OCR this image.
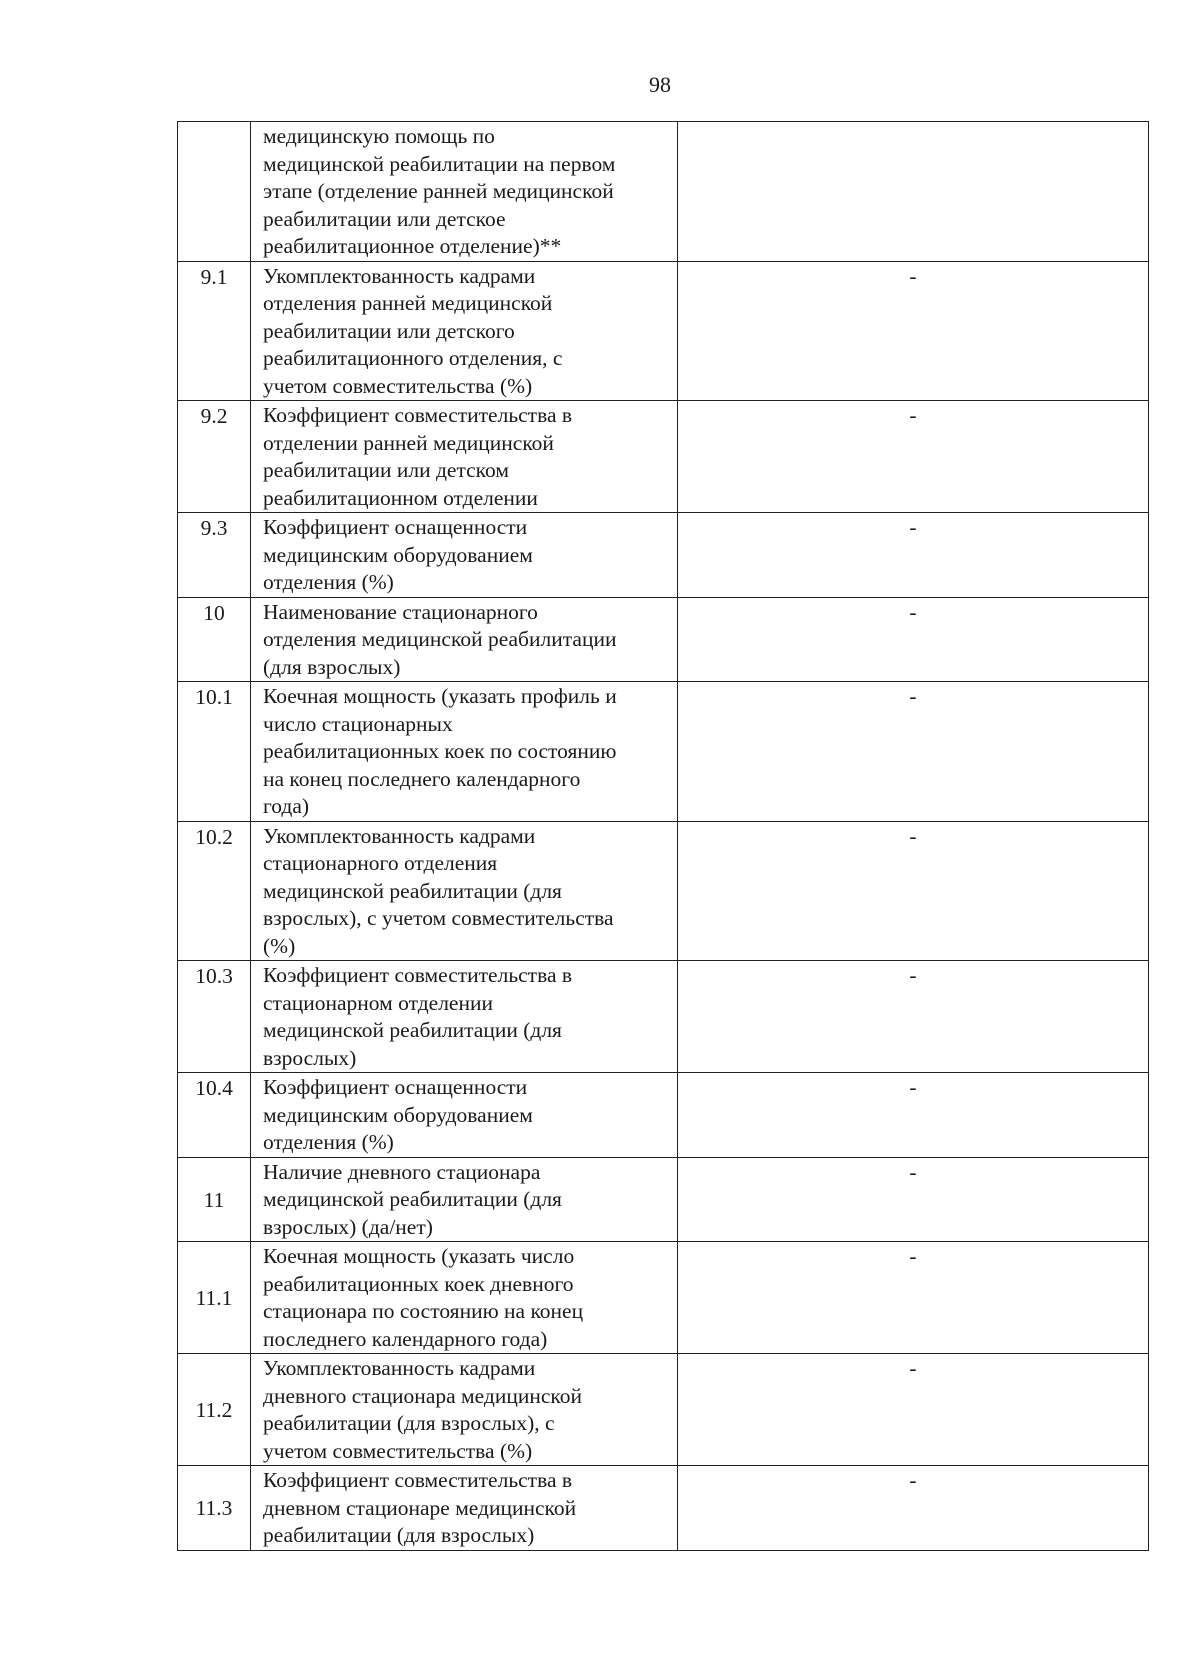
98
	медицинскую помощь по
медицинской реабилитации на первом
этапе (отделение ранней медицинской
реабилитации или детское
реабилитационное отделение)**	
9.1	Укомплектованность кадрами
отделения ранней медицинской
реабилитации или детского
реабилитационного отделения, с
учетом совместительства (%)	-
9.2	Коэффициент совместительства в
отделении ранней медицинской
реабилитации или детском
реабилитационном отделении	-
9.3	Коэффициент оснащенности
медицинским оборудованием
отделения (%)	-
10	Наименование стационарного
отделения медицинской реабилитации
(для взрослых)	-
10.1	Коечная мощность (указать профиль и
число стационарных
реабилитационных коек по состоянию
на конец последнего календарного
года)	-
10.2	Укомплектованность кадрами
стационарного отделения
медицинской реабилитации (для
взрослых), с учетом совместительства
(%)	-
10.3	Коэффициент совместительства в
стационарном отделении
медицинской реабилитации (для
взрослых)	-
10.4	Коэффициент оснащенности
медицинским оборудованием
отделения (%)	-
11	Наличие дневного стационара
медицинской реабилитации (для
взрослых) (да/нет)	-
11.1	Коечная мощность (указать число
реабилитационных коек дневного
стационара по состоянию на конец
последнего календарного года)	-
11.2	Укомплектованность кадрами
дневного стационара медицинской
реабилитации (для взрослых), с
учетом совместительства (%)	-
11.3	Коэффициент совместительства в
дневном стационаре медицинской
реабилитации (для взрослых)	-
